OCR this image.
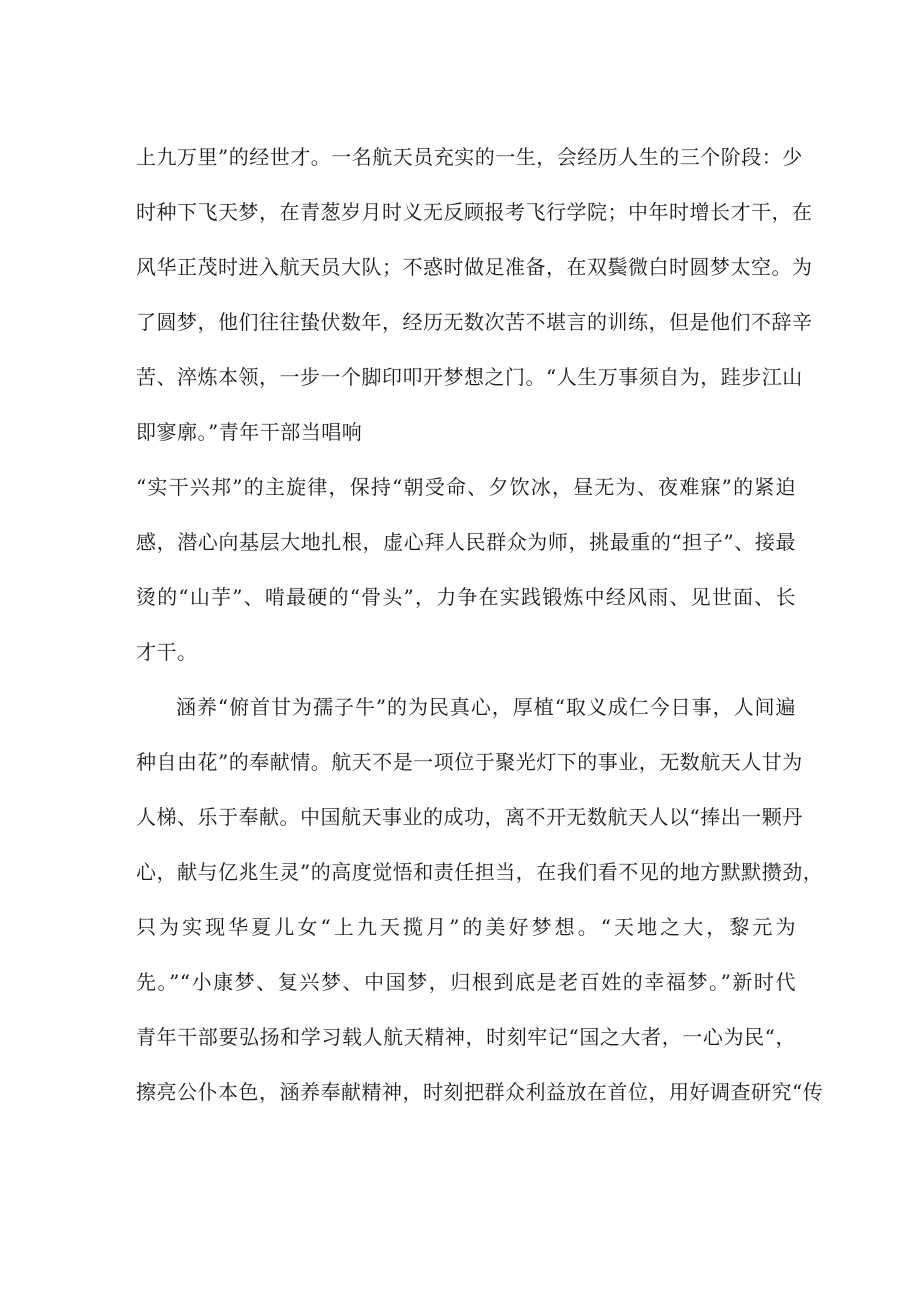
上九万里”的经世才。一名航天员充实的一生，会经历人生的三个阶段：少
时种下飞天梦，在青葱岁月时义无反顾报考飞行学院；中年时增长才干，在
风华正茂时进入航天员大队；不惑时做足准备，在双鬓微白时圆梦太空。为
了圆梦，他们往往蛰伏数年，经历无数次苦不堪言的训练，但是他们不辞辛
苦、淬炼本领，一步一个脚印叩开梦想之门。“人生万事须自为，跬步江山
即寥廓。”青年干部当唱响
“实干兴邦”的主旋律，保持“朝受命、夕饮冰，昼无为、夜难寐”的紧迫
感，潜心向基层大地扎根，虚心拜人民群众为师，挑最重的“担子”、接最
烫的“山芋”、啃最硬的“骨头”，力争在实践锻炼中经风雨、见世面、长
才干。
涵养“俯首甘为孺子牛”的为民真心，厚植“取义成仁今日事，人间遍
种自由花”的奉献情。航天不是一项位于聚光灯下的事业，无数航天人甘为
人梯、乐于奉献。中国航天事业的成功，离不开无数航天人以“捧出一颗丹
心，献与亿兆生灵”的高度觉悟和责任担当，在我们看不见的地方默默攒劲，
只为实现华夏儿女“上九天揽月”的美好梦想。“天地之大，黎元为
先。”“小康梦、复兴梦、中国梦，归根到底是老百姓的幸福梦。”新时代
青年干部要弘扬和学习载人航天精神，时刻牢记“国之大者，一心为民“，
擦亮公仆本色，涵养奉献精神，时刻把群众利益放在首位，用好调查研究“传
